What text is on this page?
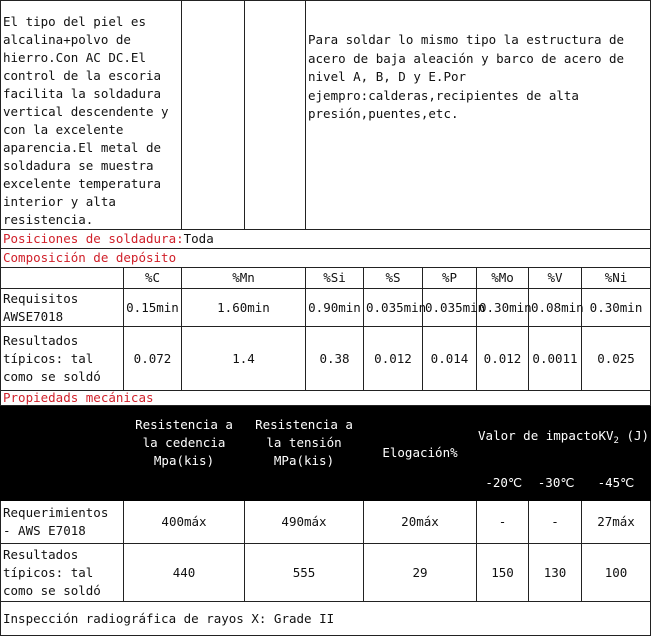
El tipo del piel es alcalina+polvo de hierro.Con AC DC.El control de la escoria facilita la soldadura vertical descendente y con la excelente aparencia.El metal de soldadura se muestra excelente temperatura interior y alta resistencia.				Para soldar lo mismo tipo la estructura de acero de baja aleación y barco de acero de nivel A, B, D y E.Por ejempro:calderas,recipientes de alta presión,puentes,etc.						
Posiciones de soldadura:Toda										
Composición de depósito										
	%C	%Mn		%Si	%S	%P	%Mo	%V	%Ni	
Requisitos AWSE7018	0.15min	1.60min		0.90min	0.035min	0.035min	0.30min	0.08min	0.30min	
Resultados típicos: tal como se soldó	0.072	1.4		0.38	0.012	0.014	0.012	0.0011	0.025	
Propiedads mecánicas										
	Resistencia a la cedencia Mpa(kis)		Resistencia a la tensión MPa(kis)		Elogación%		Valor de impactoKV$_2$ (J)
-20℃ -30℃ -45℃			

Requerimientos - AWS E7018	400máx		490máx		20máx		-	-	27máx	
Resultados típicos: tal como se soldó	440		555		29		150	130	100	
Inspección radiográfica de rayos X: Grade II										
